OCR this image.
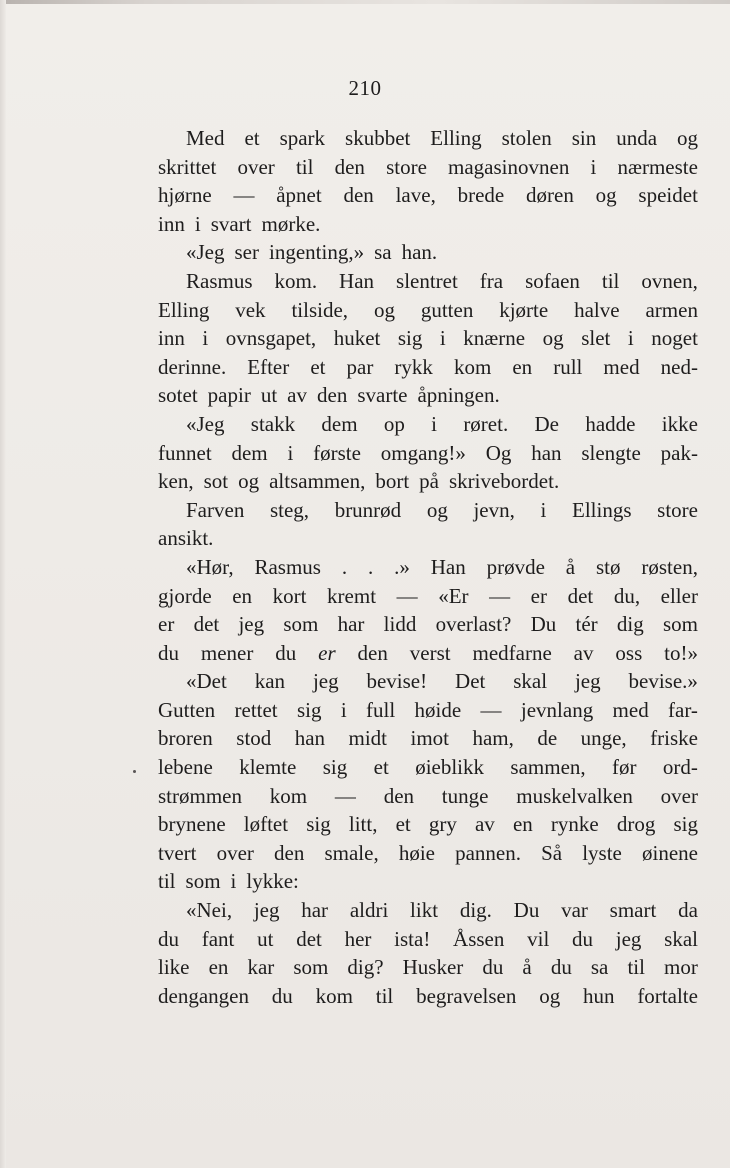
210
Med et spark skubbet Elling stolen sin unda og
skrittet over til den store magasinovnen i nærmeste
hjørne — åpnet den lave, brede døren og speidet
inn i svart mørke.
«Jeg ser ingenting,» sa han.
Rasmus kom. Han slentret fra sofaen til ovnen,
Elling vek tilside, og gutten kjørte halve armen
inn i ovnsgapet, huket sig i knærne og slet i noget
derinne. Efter et par rykk kom en rull med ned-
sotet papir ut av den svarte åpningen.
«Jeg stakk dem op i røret. De hadde ikke
funnet dem i første omgang!» Og han slengte pak-
ken, sot og altsammen, bort på skrivebordet.
Farven steg, brunrød og jevn, i Ellings store
ansikt.
«Hør, Rasmus . . .» Han prøvde å stø røsten,
gjorde en kort kremt — «Er — er det du, eller
er det jeg som har lidd overlast? Du tér dig som
du mener du er den verst medfarne av oss to!»
«Det kan jeg bevise! Det skal jeg bevise.»
Gutten rettet sig i full høide — jevnlang med far-
broren stod han midt imot ham, de unge, friske
lebene klemte sig et øieblikk sammen, før ord-
strømmen kom — den tunge muskelvalken over
brynene løftet sig litt, et gry av en rynke drog sig
tvert over den smale, høie pannen. Så lyste øinene
til som i lykke:
«Nei, jeg har aldri likt dig. Du var smart da
du fant ut det her ista! Åssen vil du jeg skal
like en kar som dig? Husker du å du sa til mor
dengangen du kom til begravelsen og hun fortalte
